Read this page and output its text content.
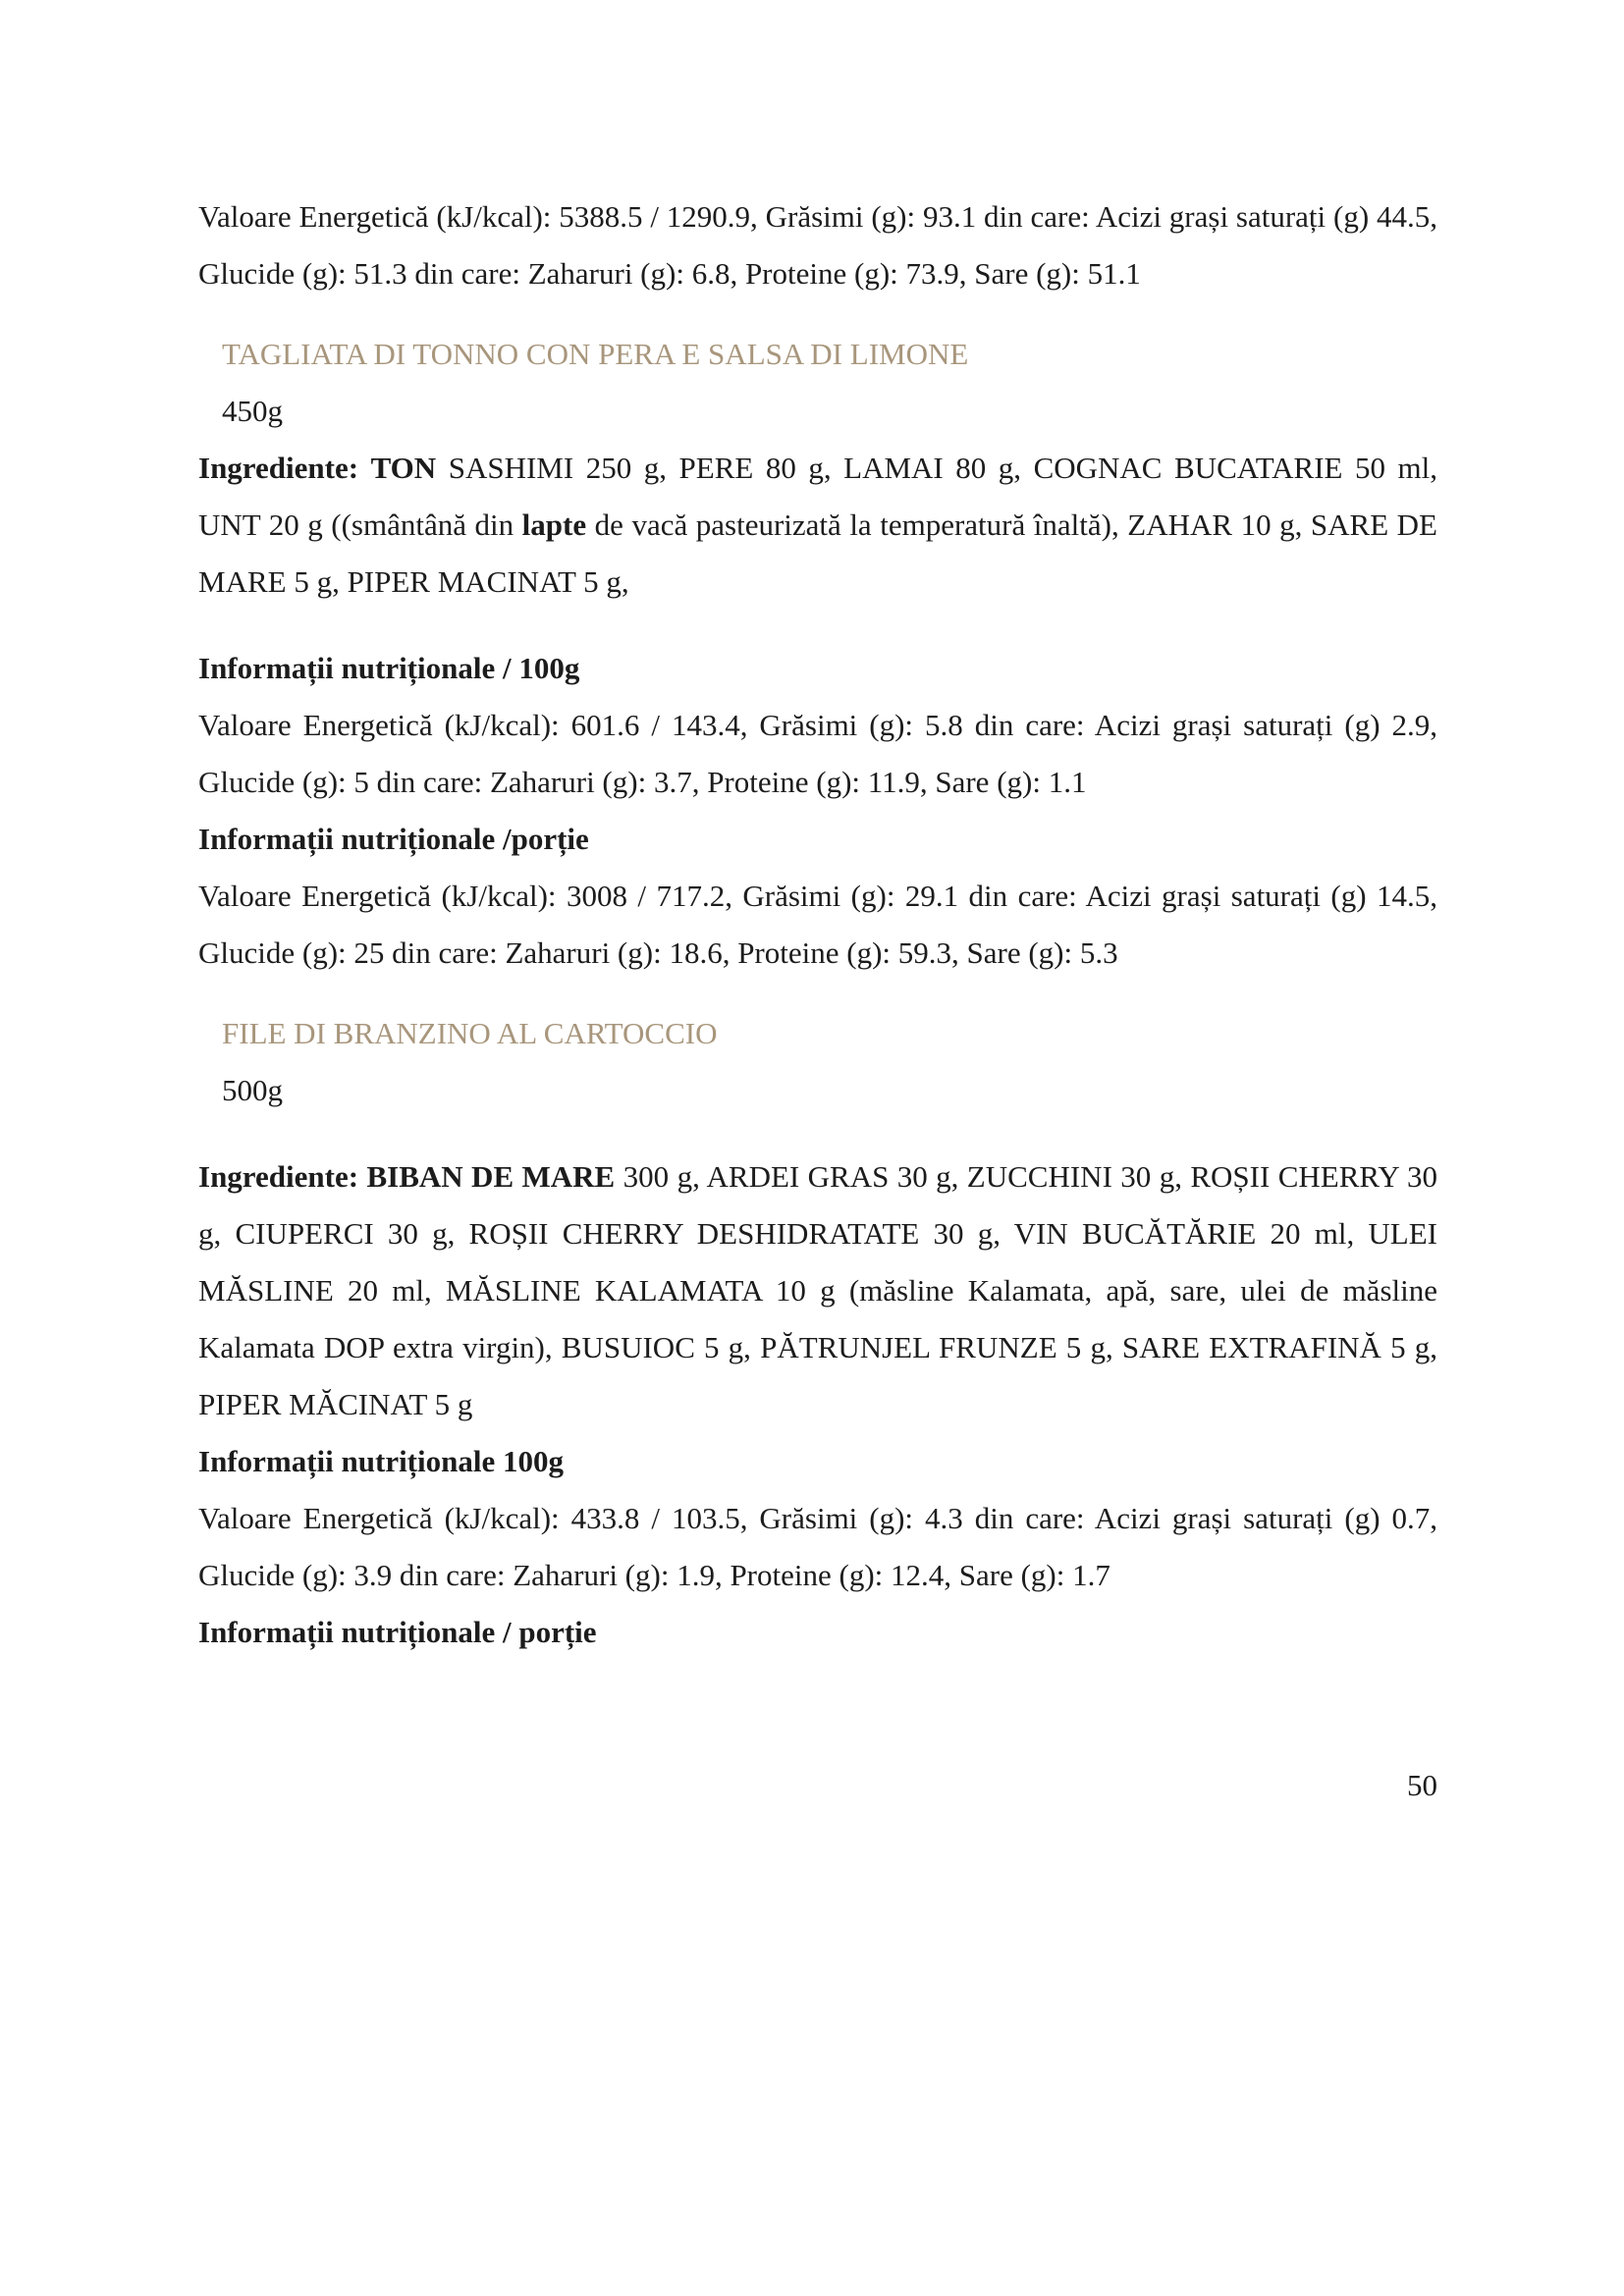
Valoare Energetică (kJ/kcal): 5388.5 / 1290.9, Grăsimi (g): 93.1 din care: Acizi grași saturați (g) 44.5, Glucide (g): 51.3 din care: Zaharuri (g): 6.8, Proteine (g): 73.9, Sare (g): 51.1

TAGLIATA DI TONNO CON PERA E SALSA DI LIMONE

450g

Ingrediente: TON SASHIMI 250 g, PERE 80 g, LAMAI 80 g, COGNAC BUCATARIE 50 ml, UNT 20 g ((smântână din lapte de vacă pasteurizată la temperatură înaltă), ZAHAR 10 g, SARE DE MARE 5 g, PIPER MACINAT 5 g,

Informații nutriționale / 100g

Valoare Energetică (kJ/kcal): 601.6 / 143.4, Grăsimi (g): 5.8 din care: Acizi grași saturați (g) 2.9, Glucide (g): 5 din care: Zaharuri (g): 3.7, Proteine (g): 11.9, Sare (g): 1.1

Informații nutriționale /porție

Valoare Energetică (kJ/kcal): 3008 / 717.2, Grăsimi (g): 29.1 din care: Acizi grași saturați (g) 14.5, Glucide (g): 25 din care: Zaharuri (g): 18.6, Proteine (g): 59.3, Sare (g): 5.3

FILE DI BRANZINO AL CARTOCCIO

500g

Ingrediente: BIBAN DE MARE 300 g, ARDEI GRAS 30 g, ZUCCHINI 30 g, ROȘII CHERRY 30 g, CIUPERCI 30 g, ROȘII CHERRY DESHIDRATATE 30 g, VIN BUCĂTĂRIE 20 ml, ULEI MĂSLINE 20 ml, MĂSLINE KALAMATA 10 g (măsline Kalamata, apă, sare, ulei de măsline Kalamata DOP extra virgin), BUSUIOC 5 g, PĂTRUNJEL FRUNZE 5 g, SARE EXTRAFINĂ 5 g, PIPER MĂCINAT 5 g

Informații nutriționale 100g

Valoare Energetică (kJ/kcal): 433.8 / 103.5, Grăsimi (g): 4.3 din care: Acizi grași saturați (g) 0.7, Glucide (g): 3.9 din care: Zaharuri (g): 1.9, Proteine (g): 12.4, Sare (g): 1.7

Informații nutriționale / porție

50
